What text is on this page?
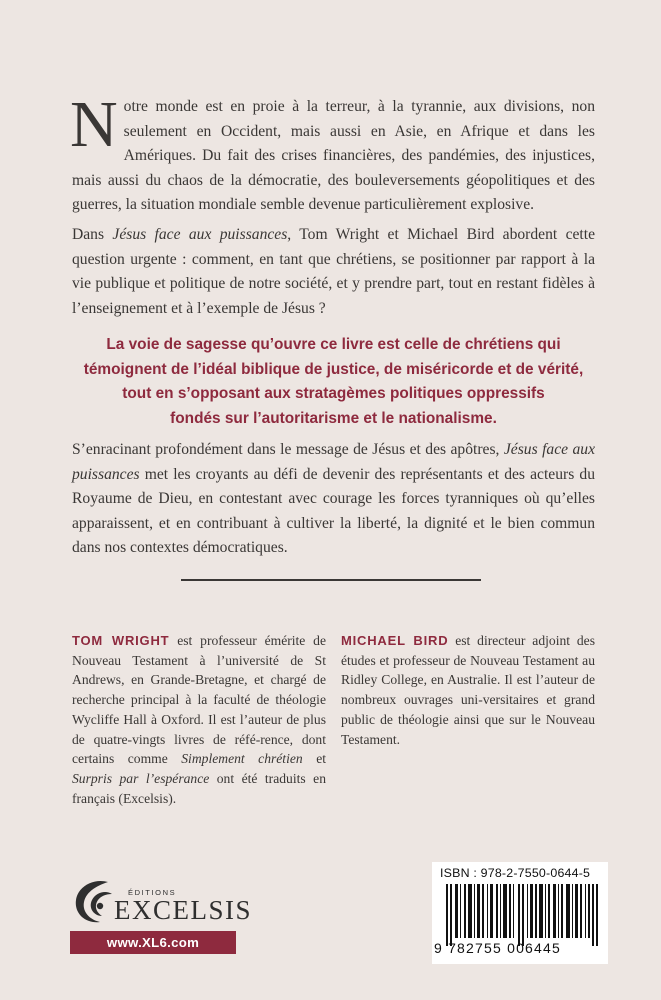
Notre monde est en proie à la terreur, à la tyrannie, aux divisions, non seulement en Occident, mais aussi en Asie, en Afrique et dans les Amériques. Du fait des crises financières, des pandémies, des injustices, mais aussi du chaos de la démocratie, des bouleversements géopolitiques et des guerres, la situation mondiale semble devenue particulièrement explosive.

Dans Jésus face aux puissances, Tom Wright et Michael Bird abordent cette question urgente : comment, en tant que chrétiens, se positionner par rapport à la vie publique et politique de notre société, et y prendre part, tout en restant fidèles à l’enseignement et à l’exemple de Jésus ?

La voie de sagesse qu’ouvre ce livre est celle de chrétiens qui
témoignent de l’idéal biblique de justice, de miséricorde et de vérité,
tout en s’opposant aux stratagèmes politiques oppressifs
fondés sur l’autoritarisme et le nationalisme.

S’enracinant profondément dans le message de Jésus et des apôtres, Jésus face aux puissances met les croyants au défi de devenir des représentants et des acteurs du Royaume de Dieu, en contestant avec courage les forces tyranniques où qu’elles apparaissent, et en contribuant à cultiver la liberté, la dignité et le bien commun dans nos contextes démocratiques.

TOM WRIGHT est professeur émérite de Nouveau Testament à l’université de St Andrews, en Grande-Bretagne, et chargé de recherche principal à la faculté de théologie Wycliffe Hall à Oxford. Il est l’auteur de plus de quatre-vingts livres de réfé-rence, dont certains comme Simplement chrétien et Surpris par l’espérance ont été traduits en français (Excelsis).

MICHAEL BIRD est directeur adjoint des études et professeur de Nouveau Testament au Ridley College, en Australie. Il est l’auteur de nombreux ouvrages uni-versitaires et grand public de théologie ainsi que sur le Nouveau Testament.

ÉDITIONS
EXCELSIS
www.XL6.com
ISBN : 978-2-7550-0644-5
9 782755 006445
